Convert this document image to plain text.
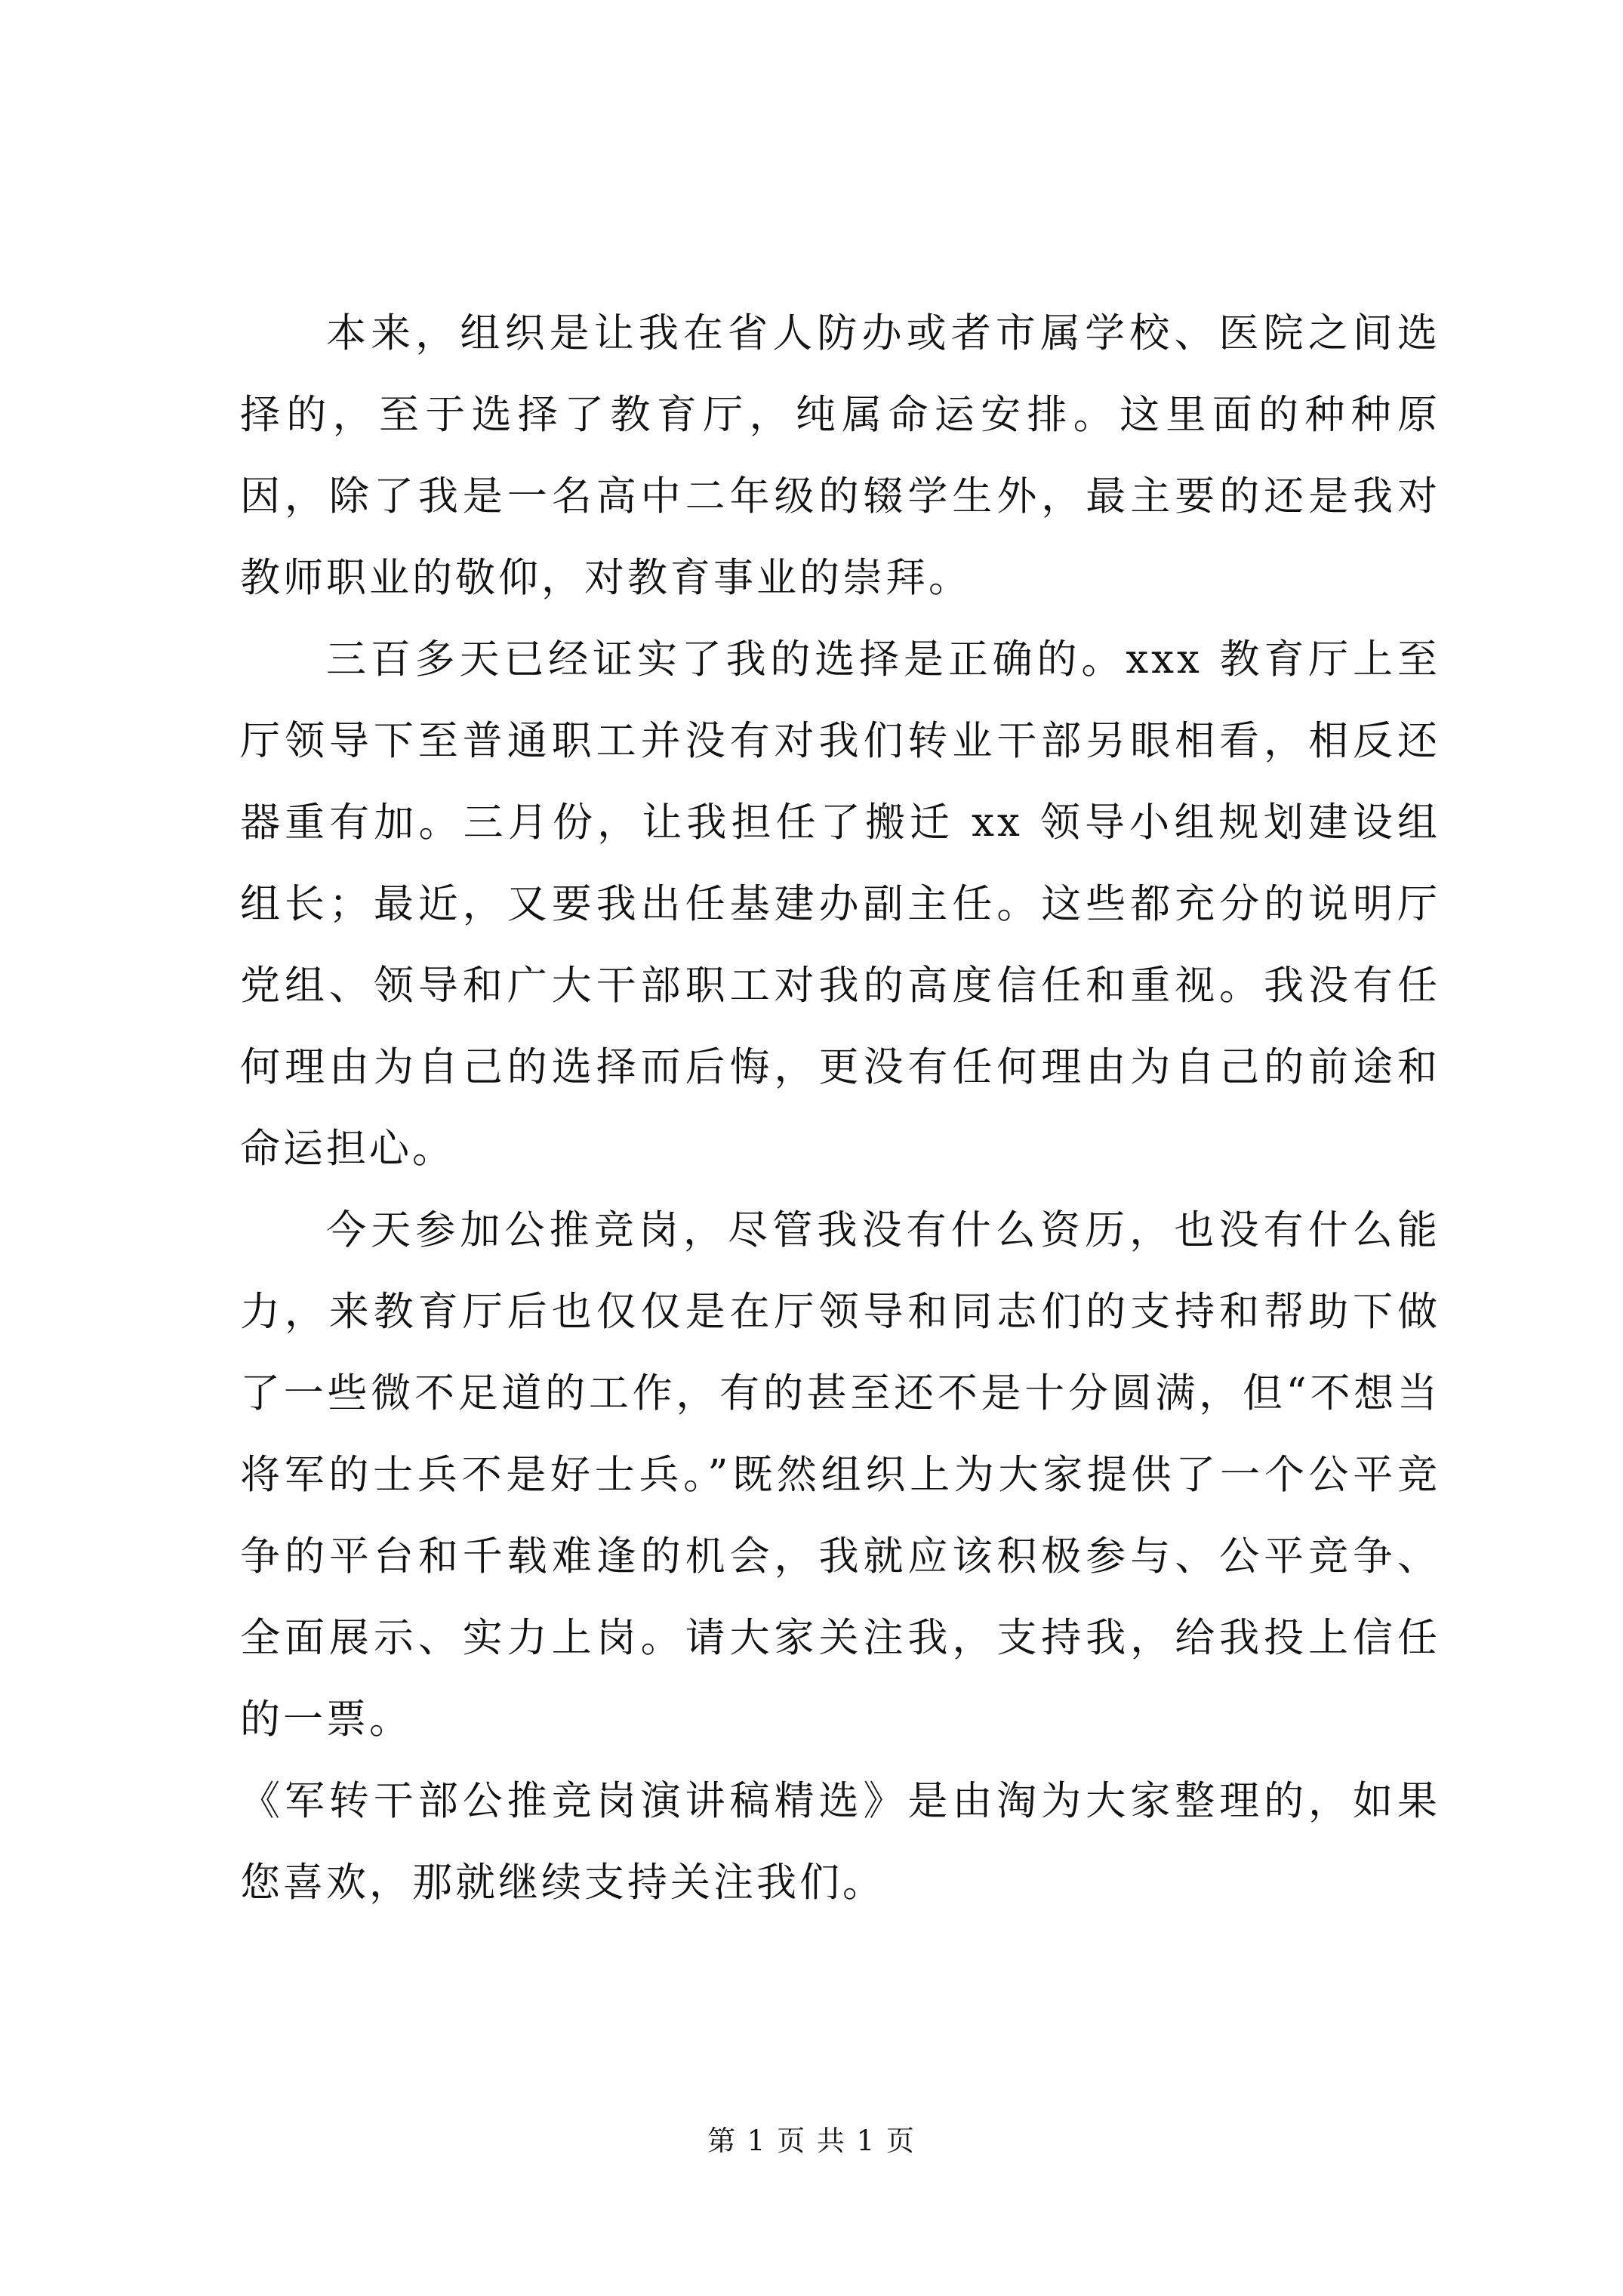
本来，组织是让我在省人防办或者市属学校、医院之间选择的，至于选择了教育厅，纯属命运安排。这里面的种种原因，除了我是一名高中二年级的辍学生外，最主要的还是我对教师职业的敬仰，对教育事业的崇拜。

三百多天已经证实了我的选择是正确的。xxx 教育厅上至厅领导下至普通职工并没有对我们转业干部另眼相看，相反还器重有加。三月份，让我担任了搬迁 xx 领导小组规划建设组组长；最近，又要我出任基建办副主任。这些都充分的说明厅党组、领导和广大干部职工对我的高度信任和重视。我没有任何理由为自己的选择而后悔，更没有任何理由为自己的前途和命运担心。

今天参加公推竞岗，尽管我没有什么资历，也没有什么能力，来教育厅后也仅仅是在厅领导和同志们的支持和帮助下做了一些微不足道的工作，有的甚至还不是十分圆满，但“不想当将军的士兵不是好士兵。”既然组织上为大家提供了一个公平竞争的平台和千载难逢的机会，我就应该积极参与、公平竞争、全面展示、实力上岗。请大家关注我，支持我，给我投上信任的一票。

《军转干部公推竞岗演讲稿精选》是由淘为大家整理的，如果您喜欢，那就继续支持关注我们。

第 1 页 共 1 页
